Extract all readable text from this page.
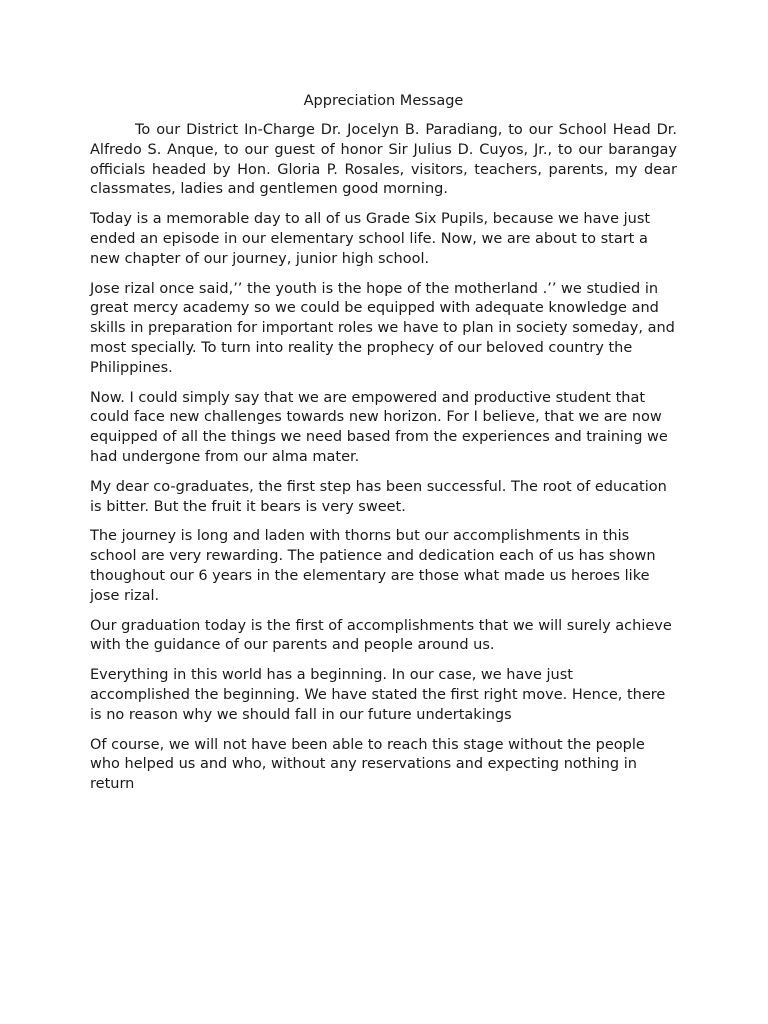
Appreciation Message

To our District In-Charge Dr. Jocelyn B. Paradiang, to our School Head Dr. Alfredo S. Anque, to our guest of honor Sir Julius D. Cuyos, Jr., to our barangay officials headed by Hon. Gloria P. Rosales, visitors, teachers, parents, my dear classmates, ladies and gentlemen good morning.

Today is a memorable day to all of us Grade Six Pupils, because we have just ended an episode in our elementary school life. Now, we are about to start a new chapter of our journey, junior high school.

Jose rizal once said,’’ the youth is the hope of the motherland .’’ we studied in great mercy academy so we could be equipped with adequate knowledge and skills in preparation for important roles we have to plan in society someday, and most specially. To turn into reality the prophecy of our beloved country the Philippines.

Now. I could simply say that we are empowered and productive student that could face new challenges towards new horizon. For I believe, that we are now equipped of all the things we need based from the experiences and training we had undergone from our alma mater.

My dear co-graduates, the first step has been successful. The root of education is bitter. But the fruit it bears is very sweet.

The journey is long and laden with thorns but our accomplishments in this school are very rewarding. The patience and dedication each of us has shown thoughout our 6 years in the elementary are those what made us heroes like jose rizal.

Our graduation today is the first of accomplishments that we will surely achieve with the guidance of our parents and people around us.

Everything in this world has a beginning. In our case, we have just accomplished the beginning. We have stated the first right move. Hence, there is no reason why we should fall in our future undertakings

Of course, we will not have been able to reach this stage without the people who helped us and who, without any reservations and expecting nothing in return
